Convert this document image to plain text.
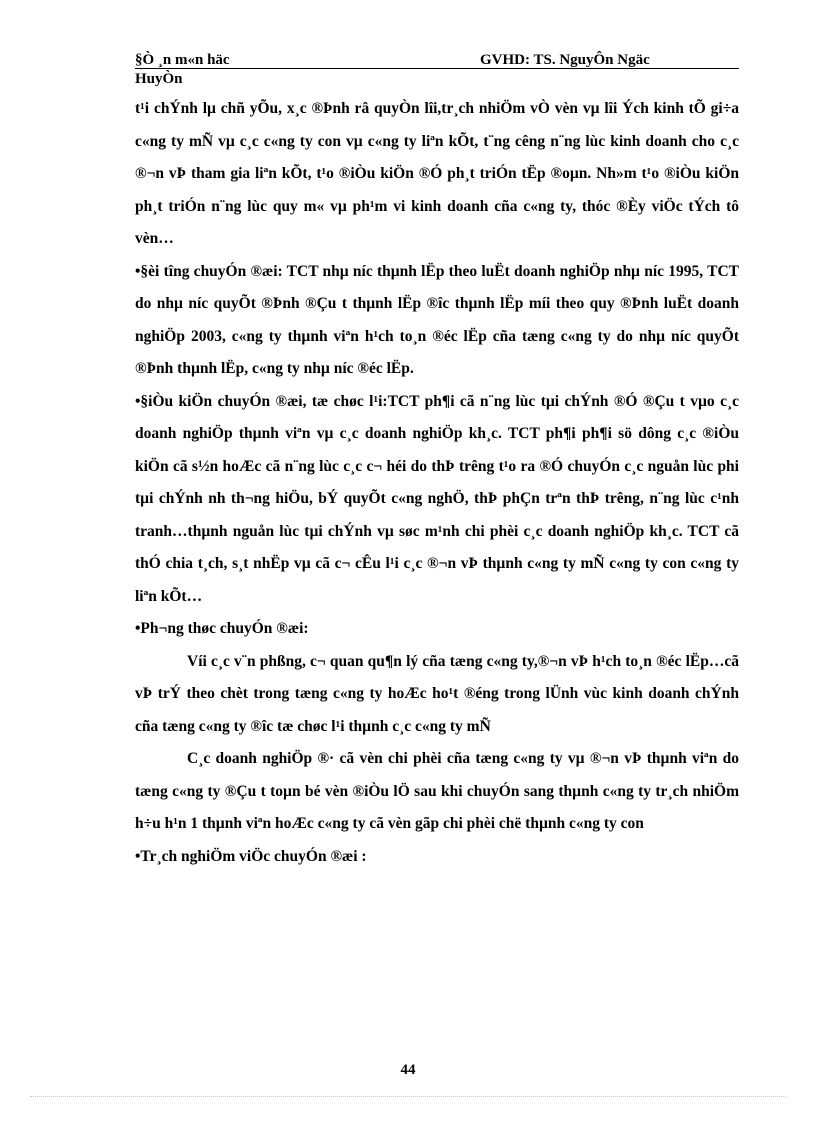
§Ò ¸n m«n häc	GVHD: TS. NguyÔn Ngäc
HuyÒn

t¹i chÝnh lµ chñ yÕu, x¸c ®Þnh râ quyÒn lîi,tr¸ch nhiÖm vÒ vèn vµ lîi Ých kinh tÕ gi÷a c«ng ty mÑ vµ c¸c c«ng ty con vµ c«ng ty liªn kÕt, t¨ng cêng n¨ng lùc kinh doanh cho c¸c ®¬n vÞ tham gia liªn kÕt, t¹o ®iÒu kiÖn ®Ó ph¸t triÓn tËp ®oµn. Nh»m t¹o ®iÒu kiÖn ph¸t triÓn n¨ng lùc quy m« vµ ph¹m vi kinh doanh cña c«ng ty, thóc ®Èy viÖc tÝch tô vèn…

•§èi tîng chuyÓn ®æi: TCT nhµ níc thµnh lËp theo luËt doanh nghiÖp nhµ níc 1995, TCT do nhµ níc quyÕt ®Þnh ®Çu t thµnh lËp ®îc thµnh lËp míi theo quy ®Þnh luËt doanh nghiÖp 2003, c«ng ty thµnh viªn h¹ch to¸n ®éc lËp cña tæng c«ng ty do nhµ níc quyÕt ®Þnh thµnh lËp, c«ng ty nhµ níc ®éc lËp.

•§iÒu kiÖn chuyÓn ®æi, tæ chøc l¹i:TCT ph¶i cã n¨ng lùc tµi chÝnh ®Ó ®Çu t vµo c¸c doanh nghiÖp thµnh viªn vµ c¸c doanh nghiÖp kh¸c. TCT ph¶i ph¶i sö dông c¸c ®iÒu kiÖn cã s½n hoÆc cã n¨ng lùc c¸c c¬ héi do thÞ trêng t¹o ra ®Ó chuyÓn c¸c nguån lùc phi tµi chÝnh nh th¬ng hiÖu, bÝ quyÕt c«ng nghÖ, thÞ phÇn trªn thÞ trêng, n¨ng lùc c¹nh tranh…thµnh nguån lùc tµi chÝnh vµ søc m¹nh chi phèi c¸c doanh nghiÖp kh¸c. TCT cã thÓ chia t¸ch, s¸t nhËp vµ cã c¬ cÊu l¹i c¸c ®¬n vÞ thµnh c«ng ty mÑ c«ng ty con c«ng ty liªn kÕt…

•Ph¬ng thøc chuyÓn ®æi:

Víi c¸c v¨n phßng, c¬ quan qu¶n lý cña tæng c«ng ty,®¬n vÞ h¹ch to¸n ®éc lËp…cã vÞ trÝ theo chèt trong tæng c«ng ty hoÆc ho¹t ®éng trong lÜnh vùc kinh doanh chÝnh cña tæng c«ng ty ®îc tæ chøc l¹i thµnh c¸c c«ng ty mÑ

C¸c doanh nghiÖp ®· cã vèn chi phèi cña tæng c«ng ty vµ ®¬n vÞ thµnh viªn do tæng c«ng ty ®Çu t toµn bé vèn ®iÒu lÖ sau khi chuyÓn sang thµnh c«ng ty tr¸ch nhiÖm h÷u h¹n 1 thµnh viªn hoÆc c«ng ty cã vèn gãp chi phèi chë thµnh c«ng ty con

•Tr¸ch nghiÖm viÖc chuyÓn ®æi :

44
